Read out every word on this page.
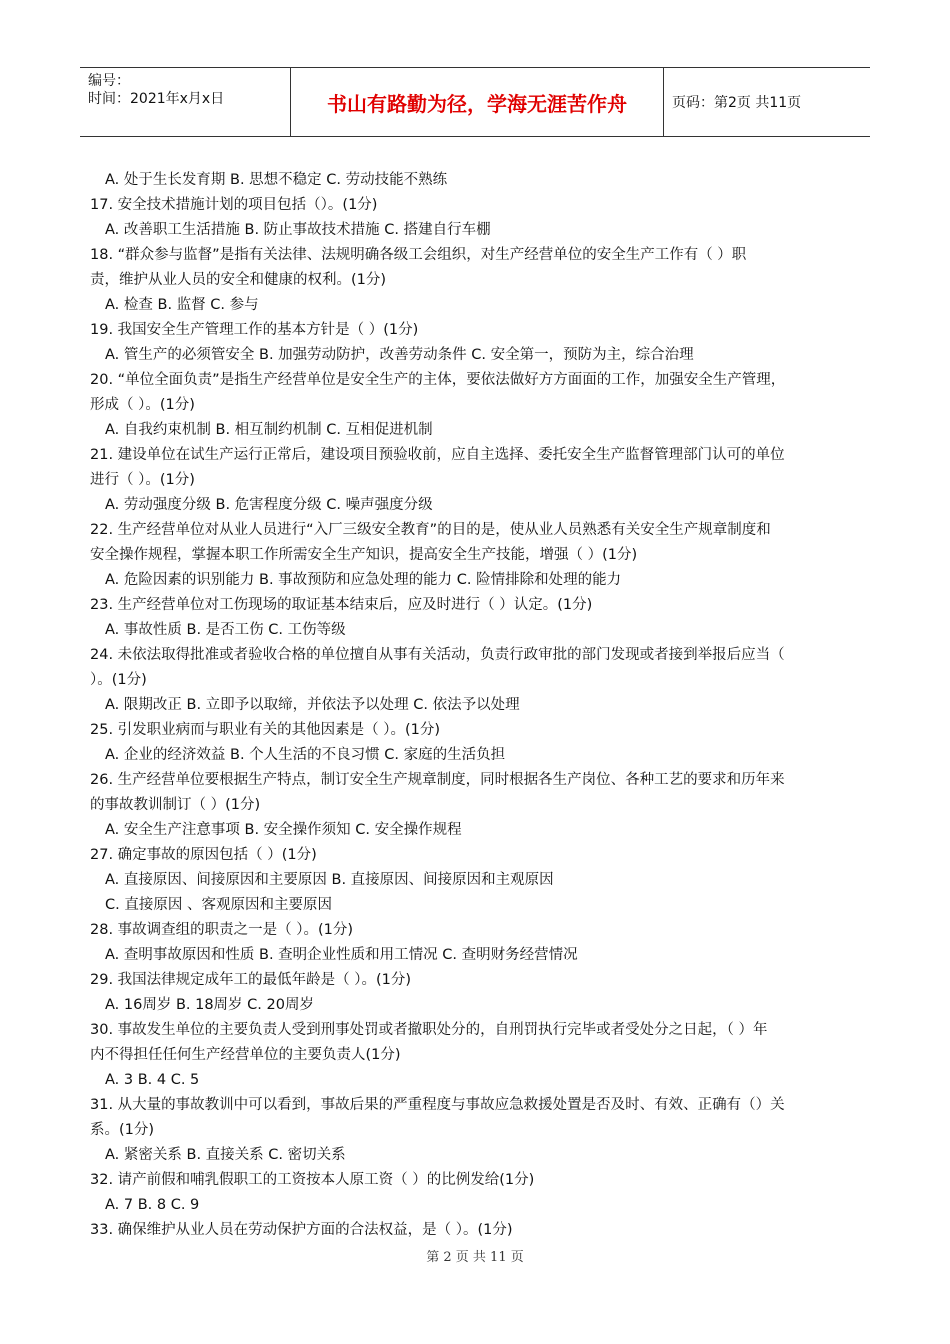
编号：
时间：2021年x月x日	书山有路勤为径，学海无涯苦作舟	页码：第2页 共11页
A. 处于生长发育期 B. 思想不稳定 C. 劳动技能不熟练
17. 安全技术措施计划的项目包括（）。(1分)
A. 改善职工生活措施 B. 防止事故技术措施 C. 搭建自行车棚
18. “群众参与监督”是指有关法律、法规明确各级工会组织，对生产经营单位的安全生产工作有（ ）职
责，维护从业人员的安全和健康的权利。(1分)
A. 检查 B. 监督 C. 参与
19. 我国安全生产管理工作的基本方针是（ ）(1分)
A. 管生产的必须管安全 B. 加强劳动防护，改善劳动条件 C. 安全第一，预防为主，综合治理
20. “单位全面负责”是指生产经营单位是安全生产的主体，要依法做好方方面面的工作，加强安全生产管理，
形成（ ）。(1分)
A. 自我约束机制 B. 相互制约机制 C. 互相促进机制
21. 建设单位在试生产运行正常后，建设项目预验收前，应自主选择、委托安全生产监督管理部门认可的单位
进行（ ）。(1分)
A. 劳动强度分级 B. 危害程度分级 C. 噪声强度分级
22. 生产经营单位对从业人员进行“入厂三级安全教育”的目的是，使从业人员熟悉有关安全生产规章制度和
安全操作规程，掌握本职工作所需安全生产知识，提高安全生产技能，增强（ ）(1分)
A. 危险因素的识别能力 B. 事故预防和应急处理的能力 C. 险情排除和处理的能力
23. 生产经营单位对工伤现场的取证基本结束后，应及时进行（ ）认定。(1分)
A. 事故性质 B. 是否工伤 C. 工伤等级
24. 未依法取得批准或者验收合格的单位擅自从事有关活动，负责行政审批的部门发现或者接到举报后应当（
）。(1分)
A. 限期改正 B. 立即予以取缔，并依法予以处理 C. 依法予以处理
25. 引发职业病而与职业有关的其他因素是（ ）。(1分)
A. 企业的经济效益 B. 个人生活的不良习惯 C. 家庭的生活负担
26. 生产经营单位要根据生产特点，制订安全生产规章制度，同时根据各生产岗位、各种工艺的要求和历年来
的事故教训制订（ ）(1分)
A. 安全生产注意事项 B. 安全操作须知 C. 安全操作规程
27. 确定事故的原因包括（ ）(1分)
A. 直接原因、间接原因和主要原因 B. 直接原因、间接原因和主观原因
C. 直接原因 、客观原因和主要原因
28. 事故调查组的职责之一是（ ）。(1分)
A. 查明事故原因和性质 B. 查明企业性质和用工情况 C. 查明财务经营情况
29. 我国法律规定成年工的最低年龄是（ ）。(1分)
A. 16周岁 B. 18周岁 C. 20周岁
30. 事故发生单位的主要负责人受到刑事处罚或者撤职处分的，自刑罚执行完毕或者受处分之日起，（ ）年
内不得担任任何生产经营单位的主要负责人(1分)
A. 3 B. 4 C. 5
31. 从大量的事故教训中可以看到，事故后果的严重程度与事故应急救援处置是否及时、有效、正确有（）关
系。(1分)
A. 紧密关系 B. 直接关系 C. 密切关系
32. 请产前假和哺乳假职工的工资按本人原工资（ ）的比例发给(1分)
A. 7 B. 8 C. 9
33. 确保维护从业人员在劳动保护方面的合法权益，是（ ）。(1分)
第 2 页 共 11 页
